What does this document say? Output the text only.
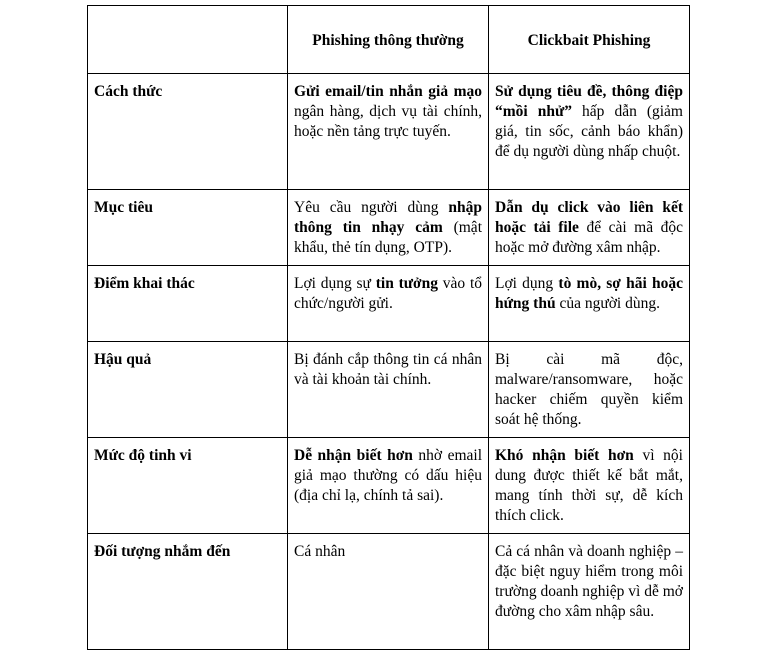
	Phishing thông thường	Clickbait Phishing
Cách thức	Gửi email/tin nhắn giả mạo ngân hàng, dịch vụ tài chính, hoặc nền tảng trực tuyến.	Sử dụng tiêu đề, thông điệp “mồi nhử” hấp dẫn (giảm giá, tin sốc, cảnh báo khẩn) để dụ người dùng nhấp chuột.
Mục tiêu	Yêu cầu người dùng nhập thông tin nhạy cảm (mật khẩu, thẻ tín dụng, OTP).	Dẫn dụ click vào liên kết hoặc tải file để cài mã độc hoặc mở đường xâm nhập.
Điểm khai thác	Lợi dụng sự tin tưởng vào tổ chức/người gửi.	Lợi dụng tò mò, sợ hãi hoặc hứng thú của người dùng.
Hậu quả	Bị đánh cắp thông tin cá nhân và tài khoản tài chính.	Bị cài mã độc, malware/ransomware, hoặc hacker chiếm quyền kiểm soát hệ thống.
Mức độ tinh vi	Dễ nhận biết hơn nhờ email giả mạo thường có dấu hiệu (địa chỉ lạ, chính tả sai).	Khó nhận biết hơn vì nội dung được thiết kế bắt mắt, mang tính thời sự, dễ kích thích click.
Đối tượng nhắm đến	Cá nhân	Cả cá nhân và doanh nghiệp – đặc biệt nguy hiểm trong môi trường doanh nghiệp vì dễ mở đường cho xâm nhập sâu.
